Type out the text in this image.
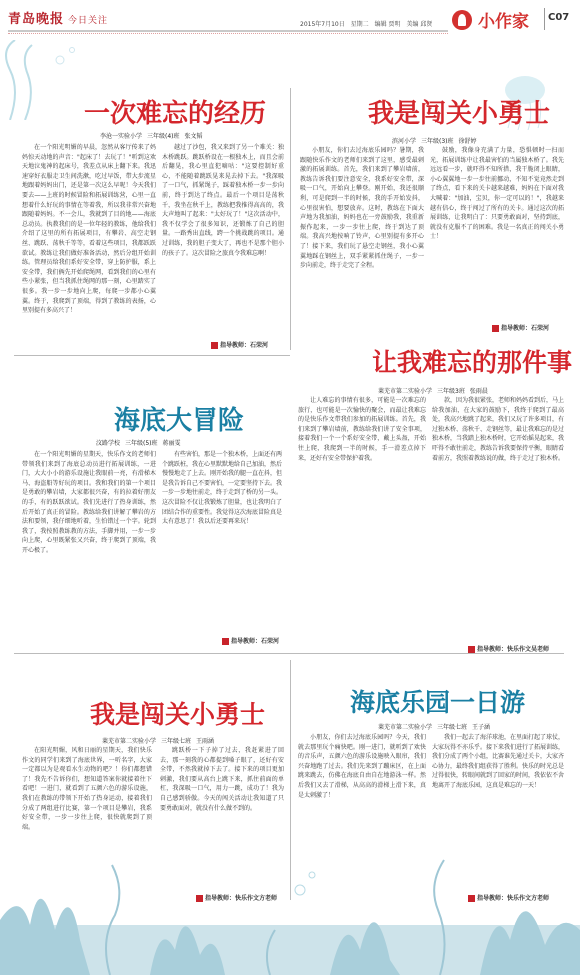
青岛晚报 今日关注	2015年7月10日 星期二 编辑 贾明 美编 邱贤	小作家 C07
一次难忘的经历
李沧一实验小学 三年级(4)班 张文韬
在一个阳光明媚的早晨，忽然从客厅传来了妈妈惊天动地的声音："起床了！去玩了！"听到这欢天地泣鬼神的起床号，我差点从床上翻下来。我迅速穿好衣服走卫生间洗漱，吃过早饭，带大步流星地跟着妈妈出门，还是第一次这么早呢！今天我们要去——上班的时候冒险和拓展训练营，心里一直想着什么好玩的事情在等着我，所以我非常兴奋地跟随着妈妈。不一会儿，我就到了目的地——海底总动员。执教我们的是一位年轻的教练，他给我们介绍了这里的所有拓展项目，有攀岩、高空走钢丝、跳跃、荡秋千等等，看着这些项目，我都跃跃欲试。教练让我们做好准备活动，然后分组开始训练。管理员给我们系好安全带，穿上防护服，系上安全带，我们俩先开始爬绳网，看到我们的心里有些小紧张，但当我抓住绳网的那一刻，心里踏实了很多。我一步一步地向上爬，每爬一步都小心翼翼。终于，我爬到了顶端，得到了教练的表扬，心里别提有多高兴了！
越过了沙包，我又来到了另一个难关：独木桥跳跃。跳跃桥设在一根独木上，而且会前后翻晃，我心里直犯嘀咕："这要控制好重心，不能随着跳跃晃来晃去掉下去。"我深吸了一口气，抓紧绳子，踩着独木桥一步一步向前，终于到达了终点。最后一个项目是荡秋千，我坐在秋千上，教练把我推得高高的，我大声地叫了起来："太好玩了！"这次活动中，我不仅学会了很多知识，还锻炼了自己的胆量。一路秀出直线，跨一个挑战跳的项目。通过训练，我的胆子变大了，再也不是那个胆小的孩子了。这次冒险之旅真令我难忘啊！
指导教师：石荣河
我是闯关小勇士
滨河小学 三年级(3)班 徐舒婷
小朋友，你们去过海底乐园吗？暑期，我跟随快乐作文的老师们来到了这里，感受最刺激的拓展训练。首先，我们来到了攀岩墙前，教练告诉我们要注意安全，我系好安全带，深吸一口气，开始向上攀登。刚开始，我还很顺利，可是爬到一半的时候，我的手开始发抖，心里很害怕，想要放弃。这时，教练在下面大声地为我加油，妈妈也在一旁鼓励我，我重新振作起来，一步一步往上爬，终于到达了顶端。我高兴地按响了铃声，心里别提有多开心了！接下来，我们玩了悬空走钢丝，我小心翼翼地踩在钢丝上，双手紧紧抓住绳子，一步一步向前走，终于走完了全程。
鼓励，我像身充满了力量，恐惧顿时一扫而光，拓展训练中让我最害怕的当属独木桥了。我先远远看一步，就吓得不知所措，我干脆闭上眼睛，小心翼翼地一步一步往前挪动，不知不觉竟然走到了终点，看下来的关卡越来越难，妈妈在下面对我大喊着："加油，宝贝，你一定可以的！"，我越来越有信心，终于闯过了所有的关卡。通过这次的拓展训练，让我明白了：只要勇敢面对，坚持到底，就没有克服不了的困难。我是一名真正的闯关小勇士！
指导教师：石荣河
海底大冒险
汶路学校 三年级(5)班 蒋丽雯
在一个阳光明媚的星期天，快乐作文的老师们带领我们来到了海底总动员进行拓展训练，一进门，大大小小的游乐设施让我眼前一亮，有滑梯木马、海盗船等好玩的项目。我和我们的第一个项目是勇敢的攀岩墙，大家都很兴奋，有的拉着好朋友的手，有的跃跃欲试。我们先进行了热身训练，然后开始了真正的冒险。教练给我们讲解了攀岩的方法和要领，我仔细地听着，生怕错过一个字。轮到我了，我按照教练教的方法，手脚并用，一步一步向上爬，心里既紧张又兴奋，终于爬到了顶端，我开心极了。
有些害怕，那是一个独木桥，上面还有两个跳跃桩，我在心里默默地给自己加油，然后慢慢地走了上去。刚开始我的腿一直在抖，但是我告诉自己不要害怕，一定要坚持下去。我一步一步地往前走，终于走到了桥的另一头。这次冒险不仅让我锻炼了胆量，也让我明白了团结合作的重要性。我觉得这次海底冒险真是太有意思了！我以后还要再来玩！
指导教师：石荣河
让我难忘的那件事
莱芜市第二实验小学 三年级3班 张雨晨
让人难忘的事情有很多，可能是一次难忘的旅行，也可能是一次愉快的聚会，而最让我难忘的是快乐作文带我们参加的拓展训练。首先，我们来到了攀岩墙前，教练给我们讲了安全事项，接着我们一个一个系好安全带，戴上头盔，开始往上爬，我爬到一半的时候，手一滑差点掉下来，还好有安全带保护着我。
款，因为我很紧张，老师和妈妈看到后，马上给我加油，在大家的鼓励下，我终于爬到了最高处，我高兴地跳了起来，我们又玩了许多项目，有过独木桥、荡秋千、走钢丝等，最让我难忘的是过独木桥，当我踏上独木桥时，它开始摇晃起来，我吓得不敢往前走，教练告诉我要保持平衡，眼睛看着前方，我照着教练说的做，终于走过了独木桥。
指导教师：快乐作文吴老师
我是闯关小勇士
莱芜市第二实验小学 三年级七班 王雨涵
在阳光明媚，风和日丽的星期天，我们快乐作文的同学们来到了海底世界，一听名字，大家一定都以为是观看水生动物的吧？！你们都想错了！我先不告诉你们，想知道答案你就接着往下看吧！一进门，就看到了五颜六色的游乐设施，我们在教练的带领下开始了热身运动，接着我们分成了两组进行比赛，第一个项目是攀岩，我系好安全带，一步一步往上爬，很快就爬到了顶端。
跳跃桥一下子掉了过去，我赶紧进了回去，那一刻我的心都提到嗓子眼了，还好有安全带，不然我就掉下去了。接下来的项目更加刺激，我们要从高台上跳下来，抓住前面的单杠，我深吸一口气，用力一跳，成功了！我为自己感到骄傲。今天的闯关活动让我知道了只要勇敢面对，就没有什么做不到的。
指导教师：快乐作文方老师
海底乐园一日游
莱芜市第二实验小学 三年级七班 王子涵
小朋友，你们去过海底乐园吗？今天，我们就去那里玩个痛快吧。刚一进门，就听到了欢快的音乐声，五颜六色的游乐设施映入眼帘，我们兴奋地跑了过去。我们先来到了蹦床区，在上面跳来跳去，仿佛在海底自由自在地游泳一样。然后我们又去了滑梯，从高高的滑梯上滑下来，真是太刺激了！
我们一起去了海洋球池，在里面打起了球仗，大家玩得不亦乐乎。接下来我们进行了拓展训练，我们分成了两个小组，比赛谁先通过关卡，大家齐心协力，最终我们组获得了胜利。快乐的时光总是过得很快，转眼间就到了回家的时间，我依依不舍地离开了海底乐园，这真是难忘的一天！
指导教师：快乐作文方老师
